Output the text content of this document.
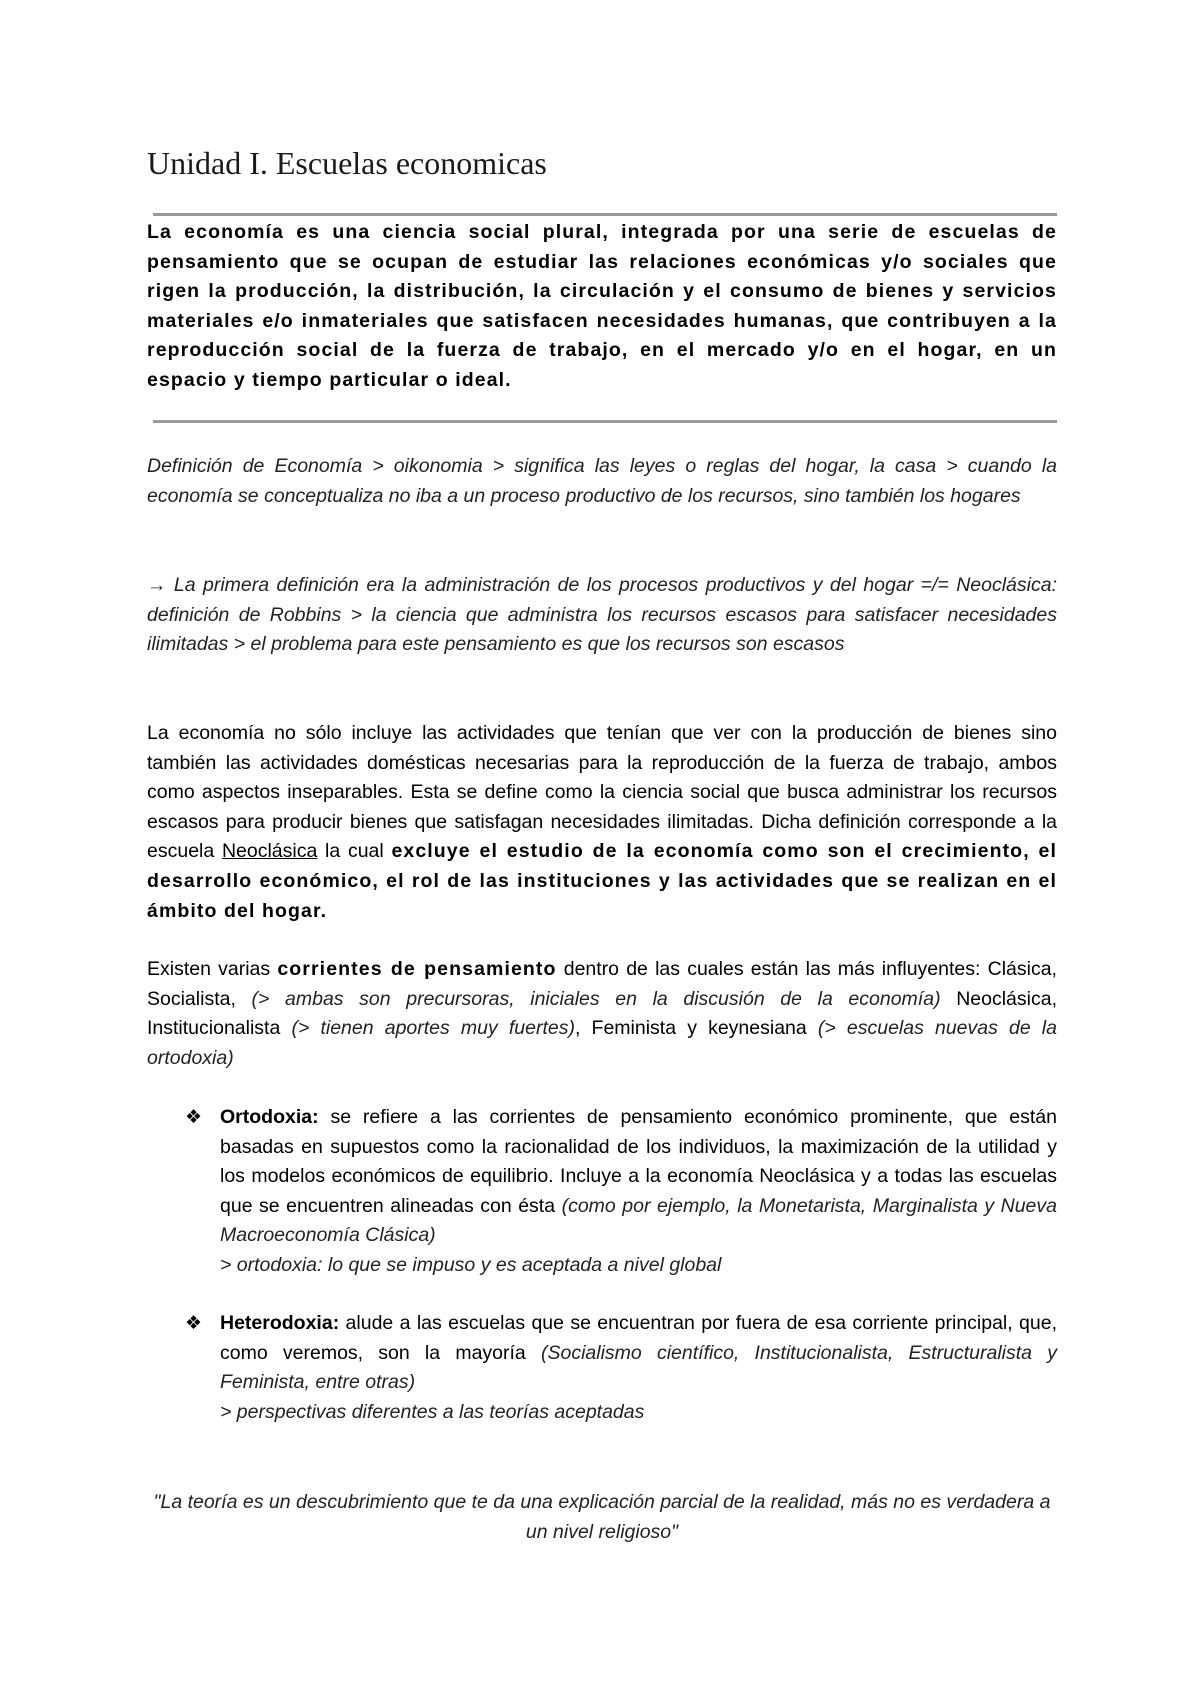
Unidad I. Escuelas economicas

La economía es una ciencia social plural, integrada por una serie de escuelas de pensamiento que se ocupan de estudiar las relaciones económicas y/o sociales que rigen la producción, la distribución, la circulación y el consumo de bienes y servicios materiales e/o inmateriales que satisfacen necesidades humanas, que contribuyen a la reproducción social de la fuerza de trabajo, en el mercado y/o en el hogar, en un espacio y tiempo particular o ideal.

Definición de Economía > oikonomia > significa las leyes o reglas del hogar, la casa > cuando la economía se conceptualiza no iba a un proceso productivo de los recursos, sino también los hogares

→ La primera definición era la administración de los procesos productivos y del hogar =/= Neoclásica: definición de Robbins > la ciencia que administra los recursos escasos para satisfacer necesidades ilimitadas > el problema para este pensamiento es que los recursos son escasos

La economía no sólo incluye las actividades que tenían que ver con la producción de bienes sino también las actividades domésticas necesarias para la reproducción de la fuerza de trabajo, ambos como aspectos inseparables. Esta se define como la ciencia social que busca administrar los recursos escasos para producir bienes que satisfagan necesidades ilimitadas. Dicha definición corresponde a la escuela Neoclásica la cual excluye el estudio de la economía como son el crecimiento, el desarrollo económico, el rol de las instituciones y las actividades que se realizan en el ámbito del hogar.

Existen varias corrientes de pensamiento dentro de las cuales están las más influyentes: Clásica, Socialista, (> ambas son precursoras, iniciales en la discusión de la economía) Neoclásica, Institucionalista (> tienen aportes muy fuertes), Feminista y keynesiana (> escuelas nuevas de la ortodoxia)

❖ Ortodoxia: se refiere a las corrientes de pensamiento económico prominente, que están basadas en supuestos como la racionalidad de los individuos, la maximización de la utilidad y los modelos económicos de equilibrio. Incluye a la economía Neoclásica y a todas las escuelas que se encuentren alineadas con ésta (como por ejemplo, la Monetarista, Marginalista y Nueva Macroeconomía Clásica)
> ortodoxia: lo que se impuso y es aceptada a nivel global

❖ Heterodoxia: alude a las escuelas que se encuentran por fuera de esa corriente principal, que, como veremos, son la mayoría (Socialismo científico, Institucionalista, Estructuralista y Feminista, entre otras)
> perspectivas diferentes a las teorías aceptadas

"La teoría es un descubrimiento que te da una explicación parcial de la realidad, más no es verdadera a un nivel religioso"
